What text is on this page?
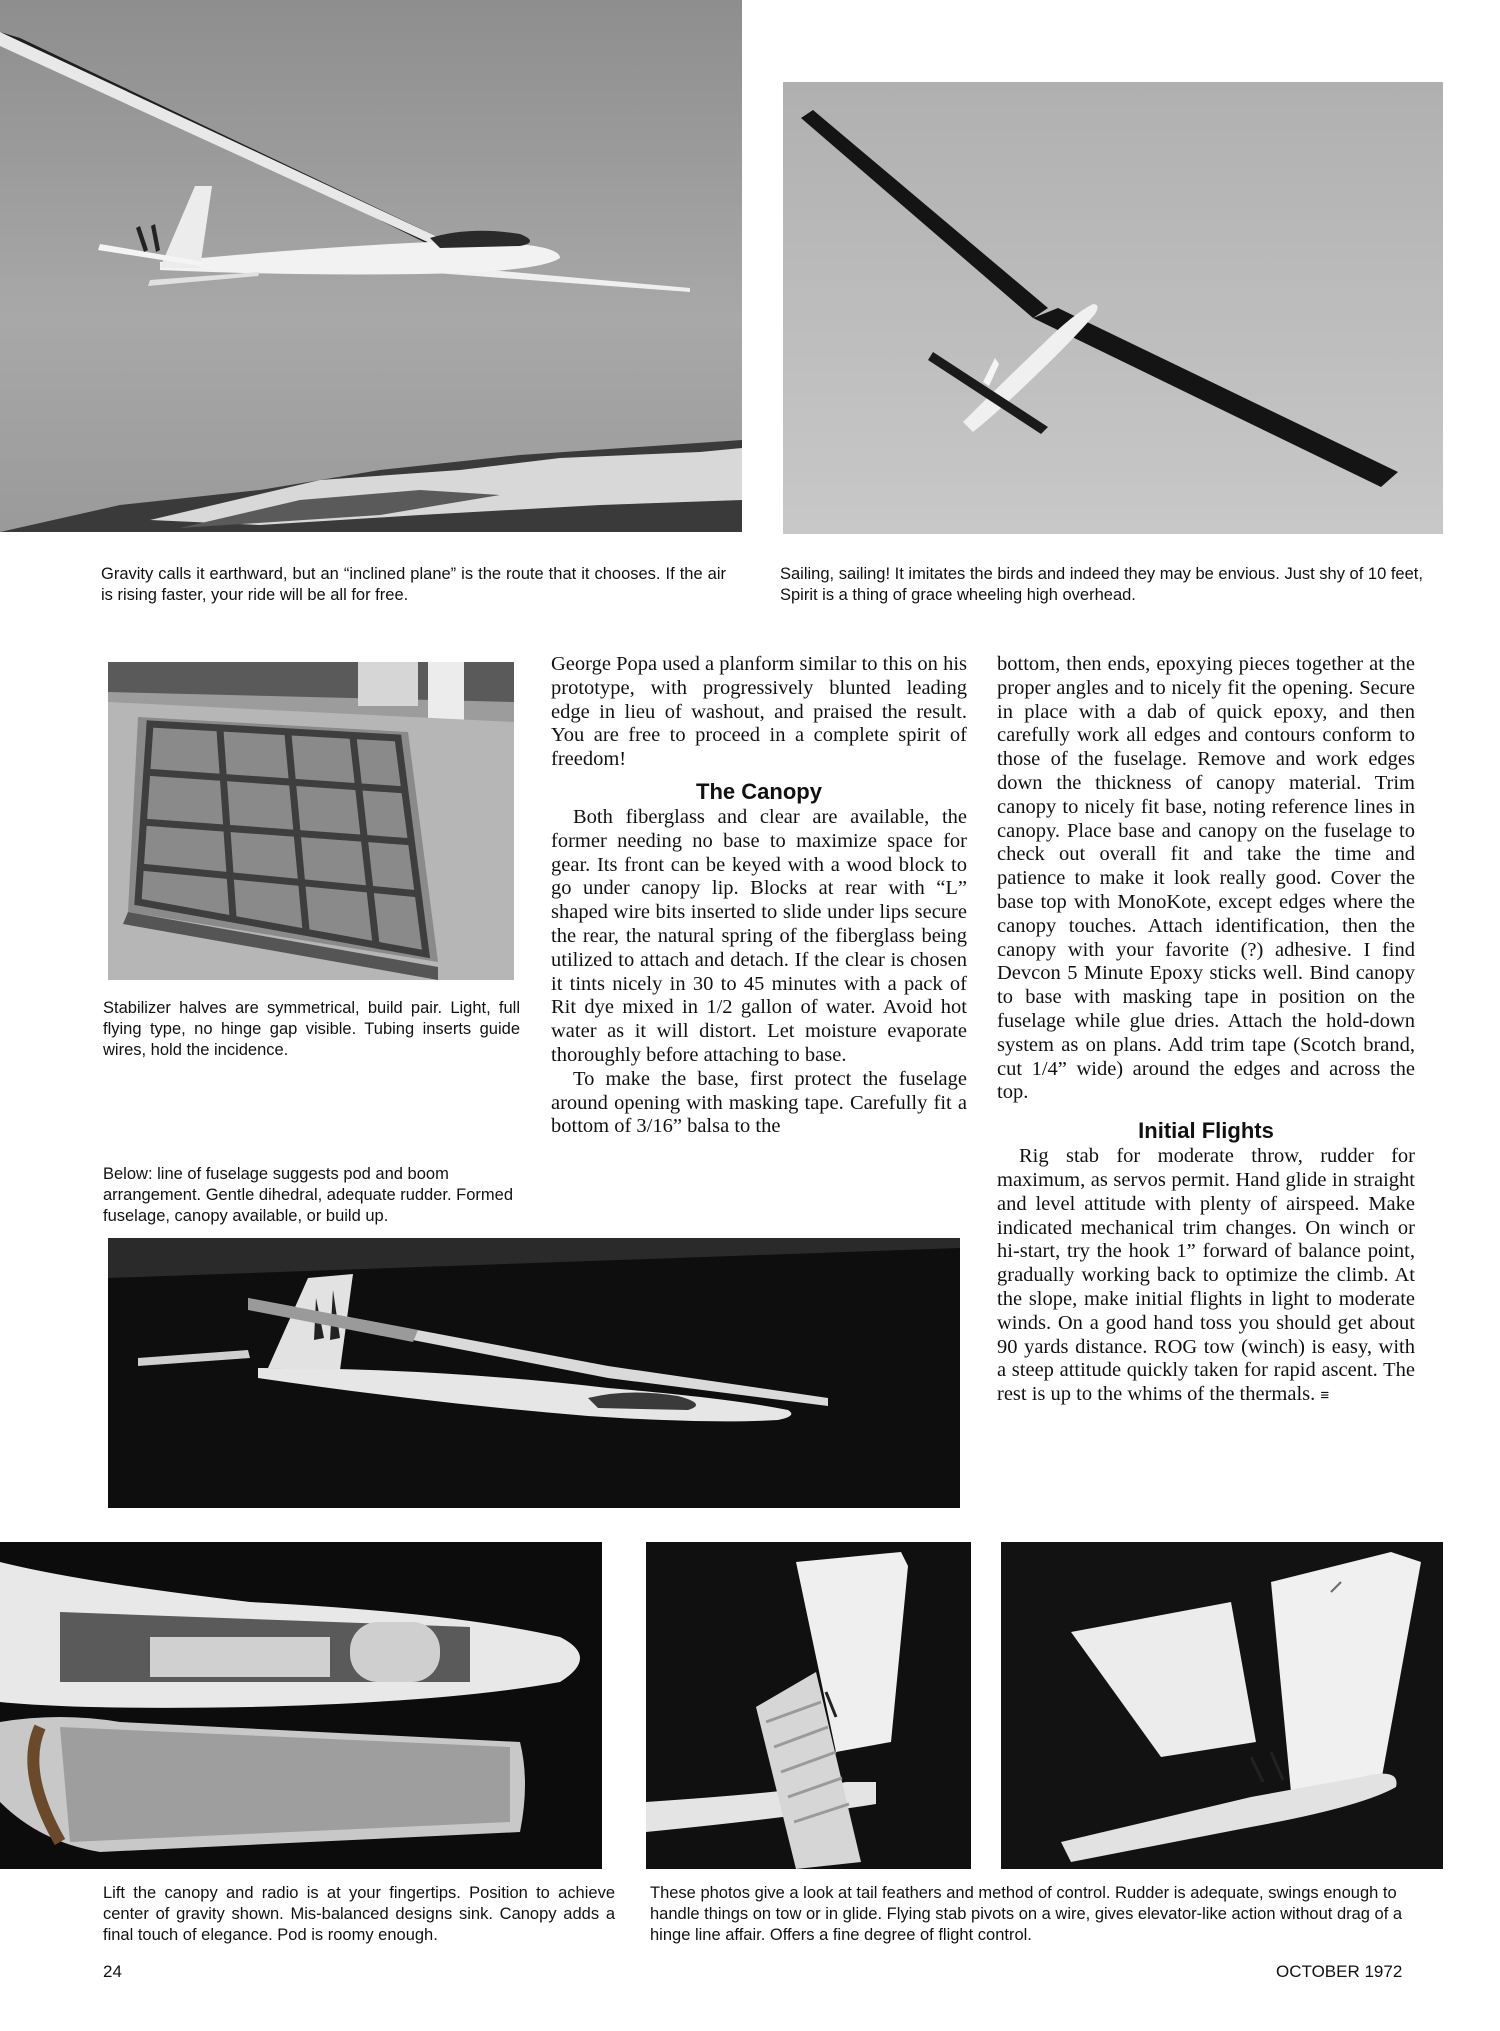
Gravity calls it earthward, but an “inclined plane” is the route that it chooses. If the air is rising faster, your ride will be all for free.

Sailing, sailing! It imitates the birds and indeed they may be envious. Just shy of 10 feet, Spirit is a thing of grace wheeling high overhead.

Stabilizer halves are symmetrical, build pair. Light, full flying type, no hinge gap visible. Tubing inserts guide wires, hold the incidence.

Below: line of fuselage suggests pod and boom arrangement. Gentle dihedral, adequate rudder. Formed fuselage, canopy available, or build up.

George Popa used a planform similar to this on his prototype, with progressively blunted leading edge in lieu of washout, and praised the result. You are free to proceed in a complete spirit of freedom!

The Canopy

Both fiberglass and clear are available, the former needing no base to maximize space for gear. Its front can be keyed with a wood block to go under canopy lip. Blocks at rear with “L” shaped wire bits inserted to slide under lips secure the rear, the natural spring of the fiberglass being utilized to attach and detach. If the clear is chosen it tints nicely in 30 to 45 minutes with a pack of Rit dye mixed in 1/2 gallon of water. Avoid hot water as it will distort. Let moisture evaporate thoroughly before attaching to base.

To make the base, first protect the fuselage around opening with masking tape. Carefully fit a bottom of 3/16” balsa to the

bottom, then ends, epoxying pieces together at the proper angles and to nicely fit the opening. Secure in place with a dab of quick epoxy, and then carefully work all edges and contours conform to those of the fuselage. Remove and work edges down the thickness of canopy material. Trim canopy to nicely fit base, noting reference lines in canopy. Place base and canopy on the fuselage to check out overall fit and take the time and patience to make it look really good. Cover the base top with MonoKote, except edges where the canopy touches. Attach identification, then the canopy with your favorite (?) adhesive. I find Devcon 5 Minute Epoxy sticks well. Bind canopy to base with masking tape in position on the fuselage while glue dries. Attach the hold-down system as on plans. Add trim tape (Scotch brand, cut 1/4” wide) around the edges and across the top.

Initial Flights

Rig stab for moderate throw, rudder for maximum, as servos permit. Hand glide in straight and level attitude with plenty of airspeed. Make indicated mechanical trim changes. On winch or hi-start, try the hook 1” forward of balance point, gradually working back to optimize the climb. At the slope, make initial flights in light to moderate winds. On a good hand toss you should get about 90 yards distance. ROG tow (winch) is easy, with a steep attitude quickly taken for rapid ascent. The rest is up to the whims of the thermals. ≡

Lift the canopy and radio is at your fingertips. Position to achieve center of gravity shown. Mis-balanced designs sink. Canopy adds a final touch of elegance. Pod is roomy enough.

These photos give a look at tail feathers and method of control. Rudder is adequate, swings enough to handle things on tow or in glide. Flying stab pivots on a wire, gives elevator-like action without drag of a hinge line affair. Offers a fine degree of flight control.

24	OCTOBER 1972
